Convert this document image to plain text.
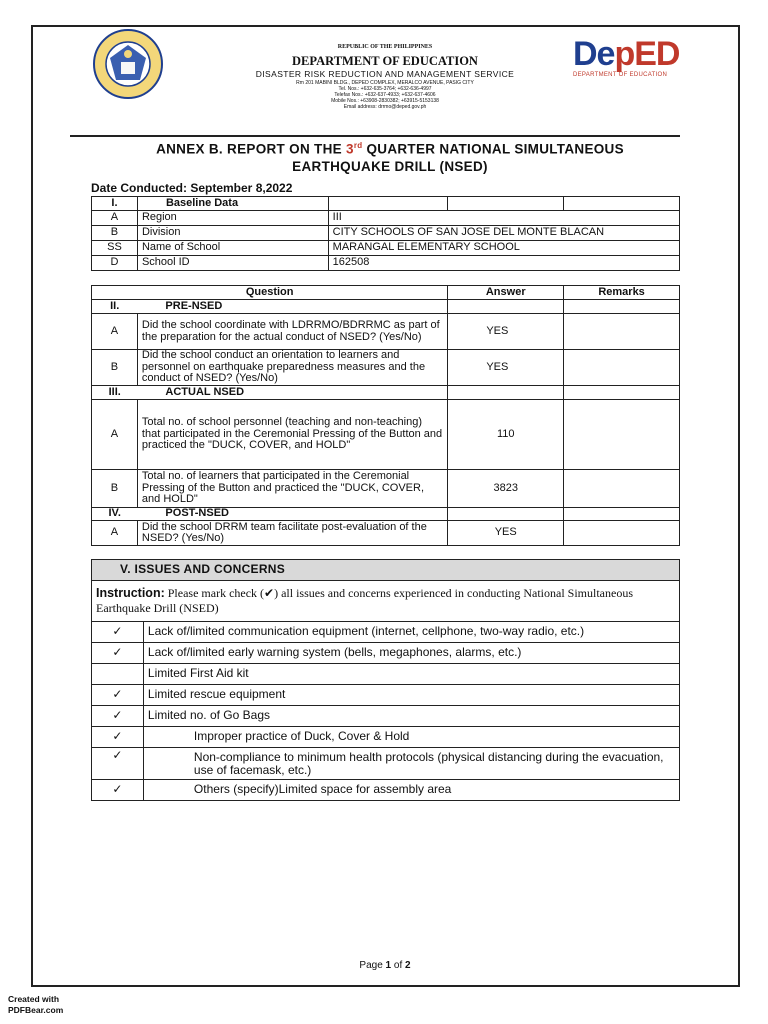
REPUBLIC OF THE PHILIPPINES
DEPARTMENT OF EDUCATION
DISASTER RISK REDUCTION AND MANAGEMENT SERVICE
Rm 201 MABINI BLDG., DEPED COMPLEX, MERALCO AVENUE, PASIG CITY
Tel. Nos.: +632-635-3764; +632-636-4997
Telefax Nos.: +632-637-4933; +632-637-4606
Mobile Nos.: +63908-2830382; +63915-5153138
Email address: drrmo@deped.gov.ph
DepED
DEPARTMENT OF EDUCATION
ANNEX B. REPORT ON THE 3rd QUARTER NATIONAL SIMULTANEOUS
EARTHQUAKE DRILL (NSED)
Date Conducted: September 8,2022
I.	Baseline Data			
A	Region	III		
B	Division	CITY SCHOOLS OF SAN JOSE DEL MONTE BLACAN		
SS	Name of School	MARANGAL ELEMENTARY SCHOOL		
D	School ID	162508		
Question		Answer	Remarks
II.	PRE-NSED		
A	Did the school coordinate with LDRRMO/BDRRMC as part of the preparation for the actual conduct of NSED? (Yes/No)	YES	
B	Did the school conduct an orientation to learners and personnel on earthquake preparedness measures and the conduct of NSED? (Yes/No)	YES	
III.	ACTUAL NSED		
A	Total no. of school personnel (teaching and non-teaching) that participated in the Ceremonial Pressing of the Button and practiced the "DUCK, COVER, and HOLD"	110	
B	Total no. of learners that participated in the Ceremonial Pressing of the Button and practiced the "DUCK, COVER, and HOLD"	3823	
IV.	POST-NSED		
A	Did the school DRRM team facilitate post-evaluation of the NSED? (Yes/No)	YES	
V. ISSUES AND CONCERNS	
Instruction: Please mark check (✔) all issues and concerns experienced in conducting National Simultaneous Earthquake Drill (NSED)	
✓	Lack of/limited communication equipment (internet, cellphone, two-way radio, etc.)
✓	Lack of/limited early warning system (bells, megaphones, alarms, etc.)
	Limited First Aid kit
✓	Limited rescue equipment
✓	Limited no. of Go Bags
✓	Improper practice of Duck, Cover & Hold
✓	Non-compliance to minimum health protocols (physical distancing during the evacuation, use of facemask, etc.)
✓	Others (specify)Limited space for assembly area
Page 1 of 2
Created with
PDFBear.com
